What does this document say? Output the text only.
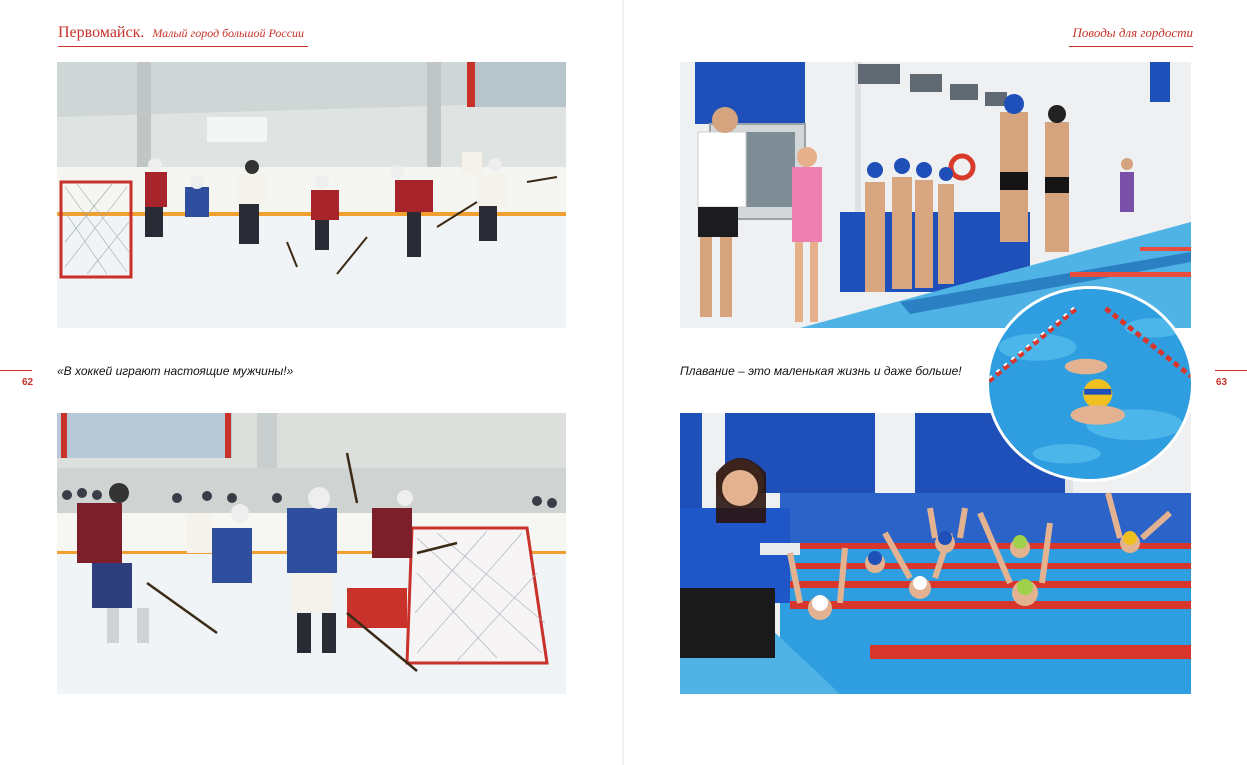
Первомайск. Малый город большой России
«В хоккей играют настоящие мужчины!»
62
Поводы для гордости
Плавание – это маленькая жизнь и даже больше!
63
